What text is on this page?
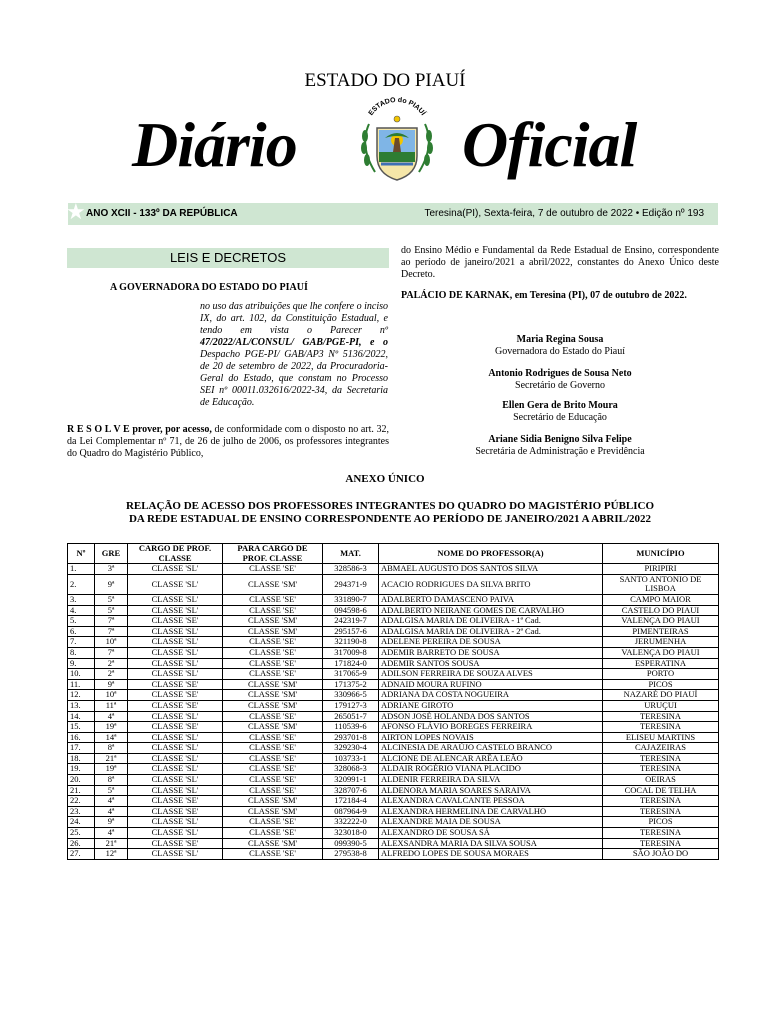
ESTADO DO PIAUÍ
Diário	Oficial
ESTADO do PIAUÍ
★ ANO XCII - 133º DA REPÚBLICA	Teresina(PI), Sexta-feira, 7 de outubro de 2022 • Edição nº 193
LEIS E DECRETOS
A GOVERNADORA DO ESTADO DO PIAUÍ
no uso das atribuições que lhe confere o inciso IX, do art. 102, da Constituição Estadual, e tendo em vista o Parecer nº 47/2022/AL/CONSUL/ GAB/PGE-PI, e o Despacho PGE-PI/ GAB/AP3 Nº 5136/2022, de 20 de setembro de 2022, da Procuradoria-Geral do Estado, que constam no Processo SEI nº 00011.032616/2022-34, da Secretaria de Educação.
R E S O L V E prover, por acesso, de conformidade com o disposto no art. 32, da Lei Complementar nº 71, de 26 de julho de 2006, os professores integrantes do Quadro do Magistério Público,
do Ensino Médio e Fundamental da Rede Estadual de Ensino, correspondente ao período de janeiro/2021 a abril/2022, constantes do Anexo Único deste Decreto.
PALÁCIO DE KARNAK, em Teresina (PI), 07 de outubro de 2022.
Maria Regina Sousa
Governadora do Estado do Piauí
Antonio Rodrigues de Sousa Neto
Secretário de Governo
Ellen Gera de Brito Moura
Secretário de Educação
Ariane Sidia Benigno Silva Felipe
Secretária de Administração e Previdência
ANEXO ÚNICO
RELAÇÃO DE ACESSO DOS PROFESSORES INTEGRANTES DO QUADRO DO MAGISTÉRIO PÚBLICO
DA REDE ESTADUAL DE ENSINO CORRESPONDENTE AO PERÍODO DE JANEIRO/2021 A ABRIL/2022
Nº	GRE	CARGO DE PROF. CLASSE	PARA CARGO DE PROF. CLASSE	MAT.	NOME DO PROFESSOR(A)	MUNICÍPIO
1.	3ª	CLASSE 'SL'	CLASSE 'SE'	328586-3	ABMAEL AUGUSTO DOS SANTOS SILVA	PIRIPIRI
2.	9ª	CLASSE 'SL'	CLASSE 'SM'	294371-9	ACACIO RODRIGUES DA SILVA BRITO	SANTO ANTONIO DE LISBOA
3.	5ª	CLASSE 'SL'	CLASSE 'SE'	331890-7	ADALBERTO DAMASCENO PAIVA	CAMPO MAIOR
4.	5ª	CLASSE 'SL'	CLASSE 'SE'	094598-6	ADALBERTO NEIRANE GOMES DE CARVALHO	CASTELO DO PIAUI
5.	7ª	CLASSE 'SE'	CLASSE 'SM'	242319-7	ADALGISA MARIA DE OLIVEIRA - 1ª Cad.	VALENÇA DO PIAUI
6.	7ª	CLASSE 'SL'	CLASSE 'SM'	295157-6	ADALGISA MARIA DE OLIVEIRA - 2ª Cad.	PIMENTEIRAS
7.	10ª	CLASSE 'SL'	CLASSE 'SE'	321190-8	ADELENE PEREIRA DE SOUSA	JERUMENHA
8.	7ª	CLASSE 'SL'	CLASSE 'SE'	317009-8	ADEMIR BARRETO DE SOUSA	VALENÇA DO PIAUI
9.	2ª	CLASSE 'SL'	CLASSE 'SE'	171824-0	ADEMIR SANTOS SOUSA	ESPERATINA
10.	2ª	CLASSE 'SL'	CLASSE 'SE'	317065-9	ADILSON FERREIRA DE SOUZA ALVES	PORTO
11.	9ª	CLASSE 'SE'	CLASSE 'SM'	171375-2	ADNAID MOURA RUFINO	PICOS
12.	10ª	CLASSE 'SE'	CLASSE 'SM'	330966-5	ADRIANA DA COSTA NOGUEIRA	NAZARÉ DO PIAUÍ
13.	11ª	CLASSE 'SE'	CLASSE 'SM'	179127-3	ADRIANE GIROTO	URUÇUI
14.	4ª	CLASSE 'SL'	CLASSE 'SE'	265051-7	ADSON JOSÉ HOLANDA DOS SANTOS	TERESINA
15.	19ª	CLASSE 'SE'	CLASSE 'SM'	110539-6	AFONSO FLÁVIO BOREGES FERREIRA	TERESINA
16.	14ª	CLASSE 'SL'	CLASSE 'SE'	293701-8	AIRTON LOPES NOVAIS	ELISEU MARTINS
17.	8ª	CLASSE 'SL'	CLASSE 'SE'	329230-4	ALCINESIA DE ARAÚJO CASTELO BRANCO	CAJAZEIRAS
18.	21ª	CLASSE 'SL'	CLASSE 'SE'	103733-1	ALCIONE DE ALENCAR ARÊA LEÃO	TERESINA
19.	19ª	CLASSE 'SL'	CLASSE 'SE'	328068-3	ALDAIR ROGÉRIO VIANA PLACIDO	TERESINA
20.	8ª	CLASSE 'SL'	CLASSE 'SE'	320991-1	ALDENIR FERREIRA DA SILVA	OEIRAS
21.	5ª	CLASSE 'SL'	CLASSE 'SE'	328707-6	ALDENORA MARIA SOARES SARAIVA	COCAL DE TELHA
22.	4ª	CLASSE 'SE'	CLASSE 'SM'	172184-4	ALEXANDRA CAVALCANTE PESSOA	TERESINA
23.	4ª	CLASSE 'SE'	CLASSE 'SM'	087964-9	ALEXANDRA HERMELINA DE CARVALHO	TERESINA
24.	9ª	CLASSE 'SL'	CLASSE 'SE'	332222-0	ALEXANDRE MAIA DE SOUSA	PICOS
25.	4ª	CLASSE 'SL'	CLASSE 'SE'	323018-0	ALEXANDRO DE SOUSA SÁ	TERESINA
26.	21ª	CLASSE 'SE'	CLASSE 'SM'	099390-5	ALEXSANDRA MARIA DA SILVA SOUSA	TERESINA
27.	12ª	CLASSE 'SL'	CLASSE 'SE'	279538-8	ALFREDO LOPES DE SOUSA MORAES	SÃO JOÃO DO
